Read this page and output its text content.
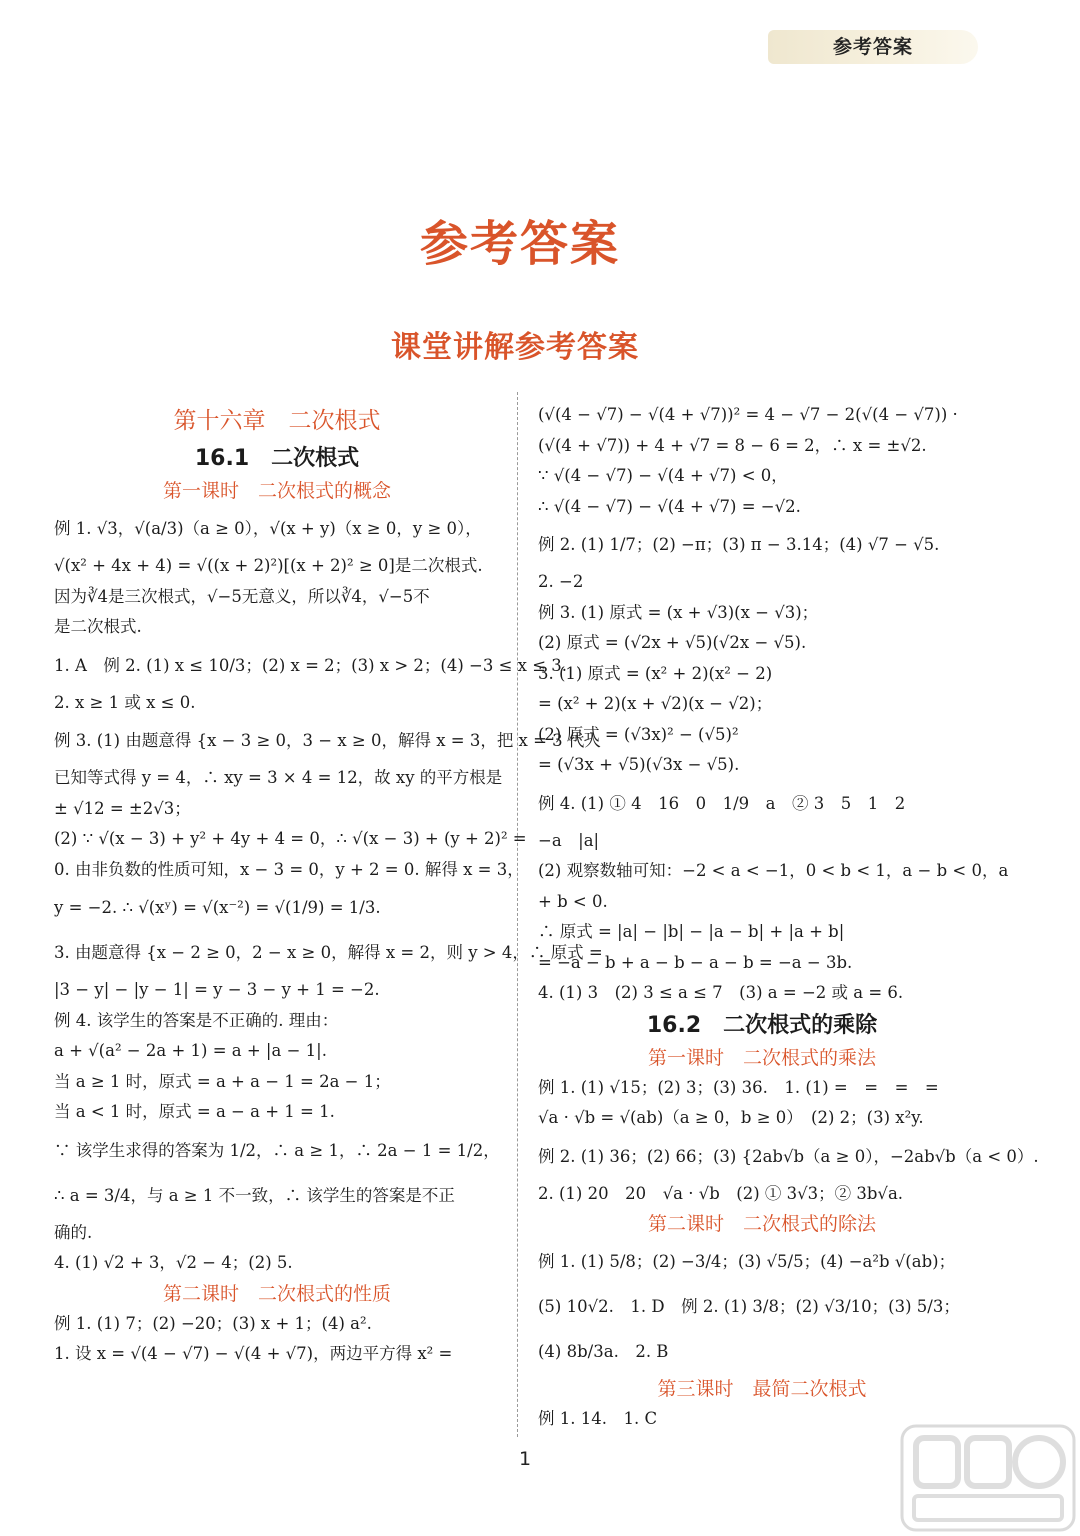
参考答案
参考答案
课堂讲解参考答案
第十六章　二次根式
16.1　二次根式
第一课时　二次根式的概念
例 1. √3，√(a/3)（a ≥ 0），√(x + y)（x ≥ 0，y ≥ 0），
√(x² + 4x + 4) = √((x + 2)²)[(x + 2)² ≥ 0]是二次根式.
因为∛4是三次根式，√−5无意义，所以∛4，√−5不
是二次根式.
1. A　例 2. (1) x ≤ 10/3；(2) x = 2；(3) x > 2；(4) −3 ≤ x ≤ 3.
2. x ≥ 1 或 x ≤ 0.
例 3. (1) 由题意得 {x − 3 ≥ 0，3 − x ≥ 0，解得 x = 3，把 x = 3 代人
已知等式得 y = 4，∴ xy = 3 × 4 = 12，故 xy 的平方根是
± √12 = ±2√3；
(2) ∵ √(x − 3) + y² + 4y + 4 = 0，∴ √(x − 3) + (y + 2)² =
0. 由非负数的性质可知，x − 3 = 0，y + 2 = 0. 解得 x = 3，
y = −2. ∴ √(xʸ) = √(x⁻²) = √(1/9) = 1/3.
3. 由题意得 {x − 2 ≥ 0，2 − x ≥ 0，解得 x = 2，则 y > 4，∴ 原式 =
|3 − y| − |y − 1| = y − 3 − y + 1 = −2.
例 4. 该学生的答案是不正确的. 理由：
a + √(a² − 2a + 1) = a + |a − 1|.
当 a ≥ 1 时，原式 = a + a − 1 = 2a − 1；
当 a < 1 时，原式 = a − a + 1 = 1.
∵ 该学生求得的答案为 1/2，∴ a ≥ 1，∴ 2a − 1 = 1/2，
∴ a = 3/4，与 a ≥ 1 不一致，∴ 该学生的答案是不正
确的.
4. (1) √2 + 3，√2 − 4；(2) 5.
第二课时　二次根式的性质
例 1. (1) 7；(2) −20；(3) x + 1；(4) a².
1. 设 x = √(4 − √7) − √(4 + √7)，两边平方得 x² =
(√(4 − √7) − √(4 + √7))² = 4 − √7 − 2(√(4 − √7)) ·
(√(4 + √7)) + 4 + √7 = 8 − 6 = 2，∴ x = ±√2.
∵ √(4 − √7) − √(4 + √7) < 0，
∴ √(4 − √7) − √(4 + √7) = −√2.
例 2. (1) 1/7；(2) −π；(3) π − 3.14；(4) √7 − √5.
2. −2
例 3. (1) 原式 = (x + √3)(x − √3)；
(2) 原式 = (√2x + √5)(√2x − √5).
3. (1) 原式 = (x² + 2)(x² − 2)
= (x² + 2)(x + √2)(x − √2)；
(2) 原式 = (√3x)² − (√5)²
= (√3x + √5)(√3x − √5).
例 4. (1) ① 4　16　0　1/9　a　② 3　5　1　2
−a　|a|
(2) 观察数轴可知：−2 < a < −1，0 < b < 1，a − b < 0，a
+ b < 0.
∴ 原式 = |a| − |b| − |a − b| + |a + b|
= −a − b + a − b − a − b = −a − 3b.
4. (1) 3　(2) 3 ≤ a ≤ 7　(3) a = −2 或 a = 6.
16.2　二次根式的乘除
第一课时　二次根式的乘法
例 1. (1) √15；(2) 3；(3) 36.　1. (1) =　=　=　=
√a · √b = √(ab)（a ≥ 0，b ≥ 0）　(2) 2；(3) x²y.
例 2. (1) 36；(2) 66；(3) {2ab√b（a ≥ 0），−2ab√b（a < 0）.
2. (1) 20　20　√a · √b　(2) ① 3√3；② 3b√a.
第二课时　二次根式的除法
例 1. (1) 5/8；(2) −3/4；(3) √5/5；(4) −a²b √(ab)；
(5) 10√2.　1. D　例 2. (1) 3/8；(2) √3/10；(3) 5/3；
(4) 8b/3a.　2. B
第三课时　最简二次根式
例 1. 14.　1. C
1
